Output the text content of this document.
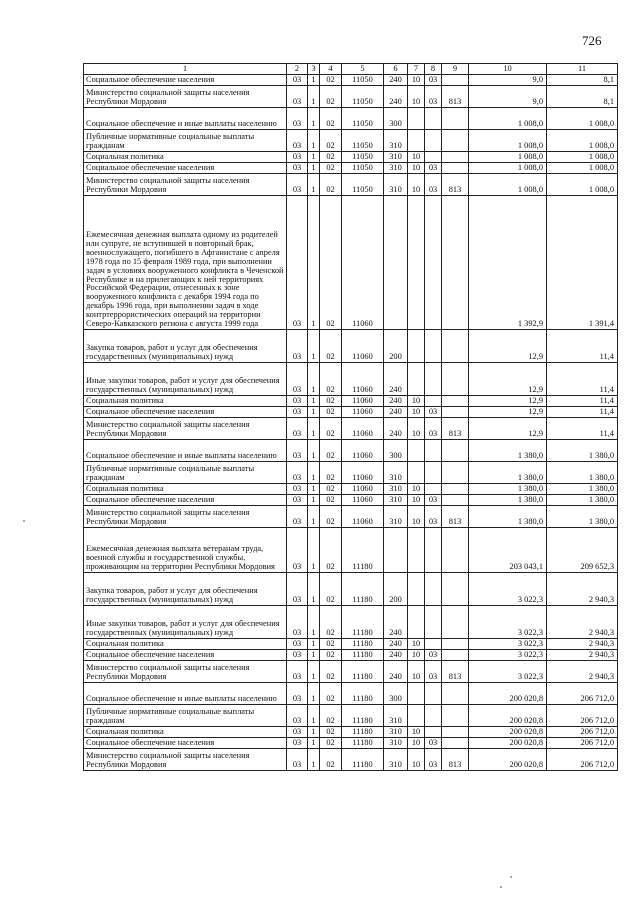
726
1	2	3	4	5	6	7	8	9	10	11
Социальное обеспечение населения	03	1	02	11050	240	10	03		9,0	8,1
Министерство социальной защиты населения Республики Мордовия	03	1	02	11050	240	10	03	813	9,0	8,1
Социальное обеспечение и иные выплаты населению	03	1	02	11050	300				1 008,0	1 008,0
Публичные нормативные социальные выплаты гражданам	03	1	02	11050	310				1 008,0	1 008,0
Социальная политика	03	1	02	11050	310	10			1 008,0	1 008,0
Социальное обеспечение населения	03	1	02	11050	310	10	03		1 008,0	1 008,0
Министерство социальной защиты населения Республики Мордовия	03	1	02	11050	310	10	03	813	1 008,0	1 008,0
Ежемесячная денежная выплата одному из родителей или супруге, не вступившей в повторный брак, военнослужащего, погибшего в Афганистане с апреля 1978 года по 15 февраля 1989 года, при выполнении задач в условиях вооруженного конфликта в Чеченской Республике и на прилегающих к ней территориях Российской Федерации, отнесенных к зоне вооруженного конфликта с декабря 1994 года по декабрь 1996 года, при выполнении задач в ходе контртеррористических операций на территории Северо-Кавказского региона с августа 1999 года	03	1	02	11060					1 392,9	1 391,4
Закупка товаров, работ и услуг для обеспечения государственных (муниципальных) нужд	03	1	02	11060	200				12,9	11,4
Иные закупки товаров, работ и услуг для обеспечения государственных (муниципальных) нужд	03	1	02	11060	240				12,9	11,4
Социальная политика	03	1	02	11060	240	10			12,9	11,4
Социальное обеспечение населения	03	1	02	11060	240	10	03		12,9	11,4
Министерство социальной защиты населения Республики Мордовия	03	1	02	11060	240	10	03	813	12,9	11,4
Социальное обеспечение и иные выплаты населению	03	1	02	11060	300				1 380,0	1 380,0
Публичные нормативные социальные выплаты гражданам	03	1	02	11060	310				1 380,0	1 380,0
Социальная политика	03	1	02	11060	310	10			1 380,0	1 380,0
Социальное обеспечение населения	03	1	02	11060	310	10	03		1 380,0	1 380,0
Министерство социальной защиты населения Республики Мордовия	03	1	02	11060	310	10	03	813	1 380,0	1 380,0
Ежемесячная денежная выплата ветеранам труда, военной службы и государственной службы, проживающим на территории Республики Мордовия	03	1	02	11180					203 043,1	209 652,3
Закупка товаров, работ и услуг для обеспечения государственных (муниципальных) нужд	03	1	02	11180	200				3 022,3	2 940,3
Иные закупки товаров, работ и услуг для обеспечения государственных (муниципальных) нужд	03	1	02	11180	240				3 022,3	2 940,3
Социальная политика	03	1	02	11180	240	10			3 022,3	2 940,3
Социальное обеспечение населения	03	1	02	11180	240	10	03		3 022,3	2 940,3
Министерство социальной защиты населения Республики Мордовия	03	1	02	11180	240	10	03	813	3 022,3	2 940,3
Социальное обеспечение и иные выплаты населению	03	1	02	11180	300				200 020,8	206 712,0
Публичные нормативные социальные выплаты гражданам	03	1	02	11180	310				200 020,8	206 712,0
Социальная политика	03	1	02	11180	310	10			200 020,8	206 712,0
Социальное обеспечение населения	03	1	02	11180	310	10	03		200 020,8	206 712,0
Министерство социальной защиты населения Республики Мордовия	03	1	02	11180	310	10	03	813	200 020,8	206 712,0
